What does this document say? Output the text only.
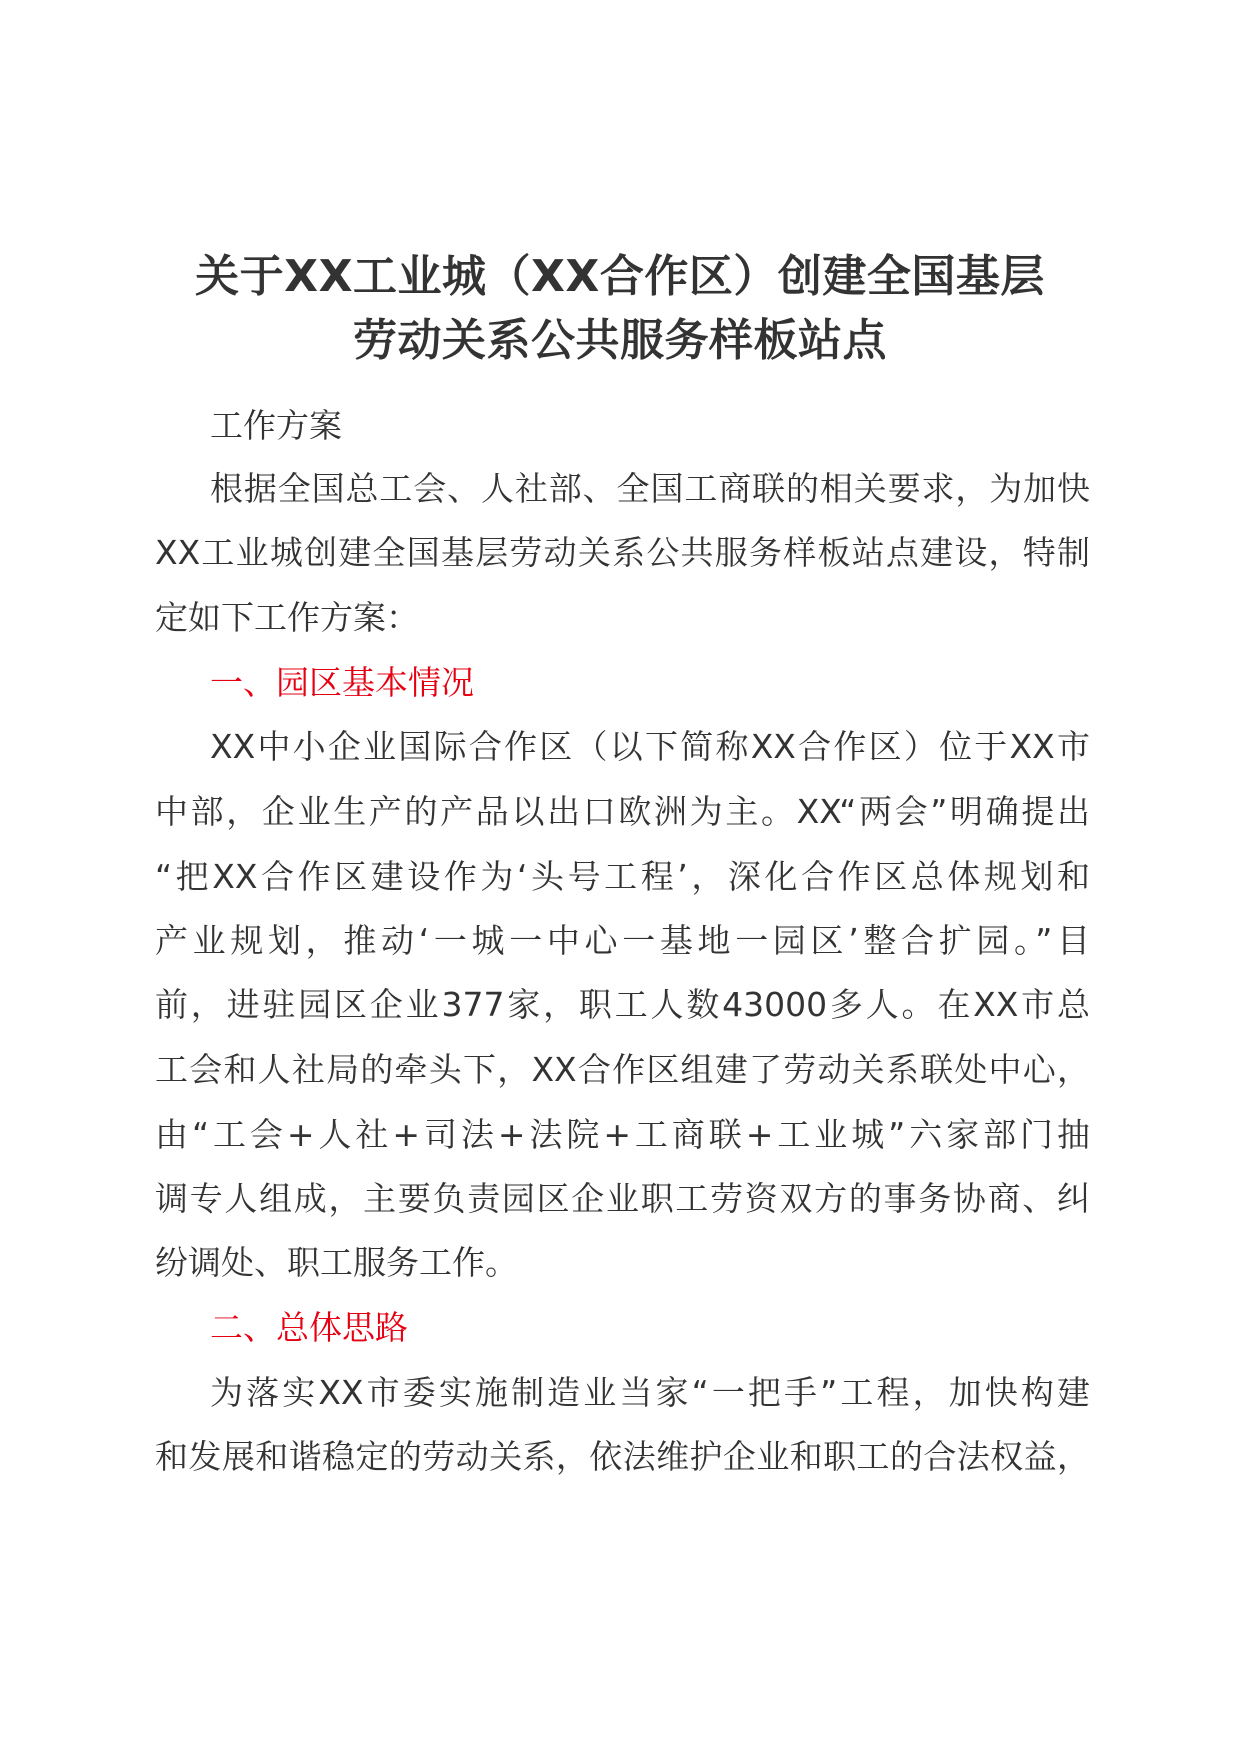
关于XX工业城（XX合作区）创建全国基层
劳动关系公共服务样板站点
工作方案
根据全国总工会、人社部、全国工商联的相关要求，为加快
XX工业城创建全国基层劳动关系公共服务样板站点建设，特制
定如下工作方案：
一、园区基本情况
XX中小企业国际合作区（以下简称XX合作区）位于XX市
中部，企业生产的产品以出口欧洲为主。XX“两会”明确提出
“把XX合作区建设作为‘头号工程’，深化合作区总体规划和
产业规划，推动‘一城一中心一基地一园区’整合扩园。”目
前，进驻园区企业377家，职工人数43000多人。在XX市总
工会和人社局的牵头下，XX合作区组建了劳动关系联处中心，
由“工会+人社+司法+法院+工商联+工业城”六家部门抽
调专人组成，主要负责园区企业职工劳资双方的事务协商、纠
纷调处、职工服务工作。
二、总体思路
为落实XX市委实施制造业当家“一把手”工程，加快构建
和发展和谐稳定的劳动关系，依法维护企业和职工的合法权益，
